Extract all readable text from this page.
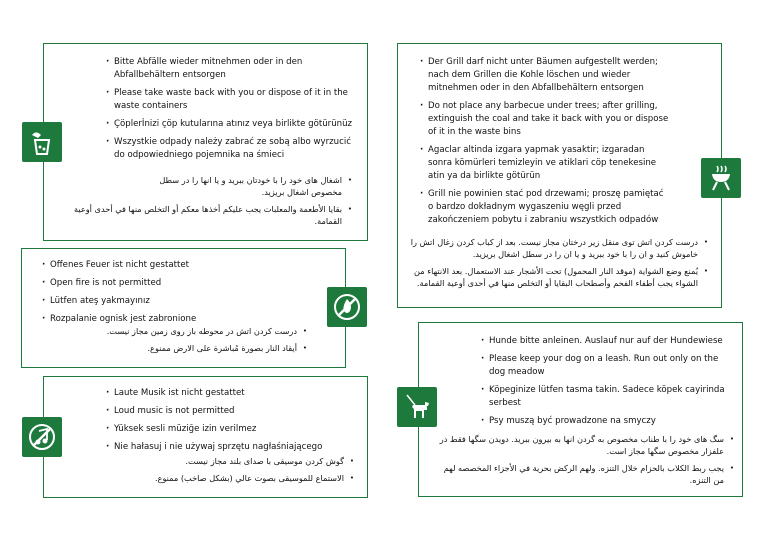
· Bitte Abfälle wieder mitnehmen oder in den Abfallbehältern entsorgen
· Please take waste back with you or dispose of it in the waste containers
· Çöplerİnizi çöp kutularına atınız veya birlikte götürünüz
· Wszystkie odpady należy zabrać ze sobą albo wyrzucić do odpowiedniego pojemnika na śmieci
• اشغال های خود را با خودتان ببرید و یا انها را در سطل مخصوص اشغال بریزید.
• بقايا الأطعمة والمعلبات يجب عليكم أخذها معكم أو التخلص منها في أحدى أوعية القمامة.
· Der Grill darf nicht unter Bäumen aufgestellt werden; nach dem Grillen die Kohle löschen und wieder mitnehmen oder in den Abfallbehältern entsorgen
· Do not place any barbecue under trees; after grilling, extinguish the coal and take it back with you or dispose of it in the waste bins
· Agaclar altinda izgara yapmak yasaktir; izgaradan sonra kömürleri temizleyin ve atiklari cöp tenekesine atin ya da birlikte götürün
· Grill nie powinien stać pod drzewami; proszę pamiętać o bardzo dokładnym wygaszeniu węgli przed zakończeniem pobytu i zabraniu wszystkich odpadów
• درست كردن اتش توی منقل زیر درختان مجاز نیست. بعد از کباب کردن زغال اتش را خاموش کنید و ان را با خود ببرید و یا ان را در سطل اشغال بریزید.
• يُمنع وضع الشواية (موقد النار المحمول) تحت الأشجار عند الاستعمال. بعد الانتهاء من الشواء يجب أطفاء الفحم وأصطحاب البقايا أو التخلص منها في أحدى أوعية القمامة.
· Offenes Feuer ist nicht gestattet
· Open fire is not permitted
· Lütfen ateş yakmayınız
· Rozpalanie ognisk jest zabronione
• درست كردن اتش در محوطه باز روی زمین مجاز نیست.
• أيقاد النار بصورة مُباشرة على الارض ممنوع.
· Laute Musik ist nicht gestattet
· Loud music is not permitted
· Yüksek sesli müziğe izin verilmez
· Nie hałasuj i nie używaj sprzętu nagłaśniającego
• گوش كردن موسیقی با صدای بلند مجاز نیست.
• الاستماع للموسيقى بصوت عالي (بشكل صاخب) ممنوع.
· Hunde bitte anleinen. Auslauf nur auf der Hundewiese
· Please keep your dog on a leash. Run out only on the dog meadow
· Köpeginize lütfen tasma takin. Sadece köpek cayirinda serbest
· Psy muszą być prowadzone na smyczy
• سگ های خود را با طناب مخصوص به گردن انها به بیرون ببرید. دویدن سگها فقط در علفزار مخصوص سگها مجاز است.
• يجب ربط الكلاب بالحزام خلال التنزه. ولهم الركض بحرية في الأجزاء المخصصه لهم من التنزه.
